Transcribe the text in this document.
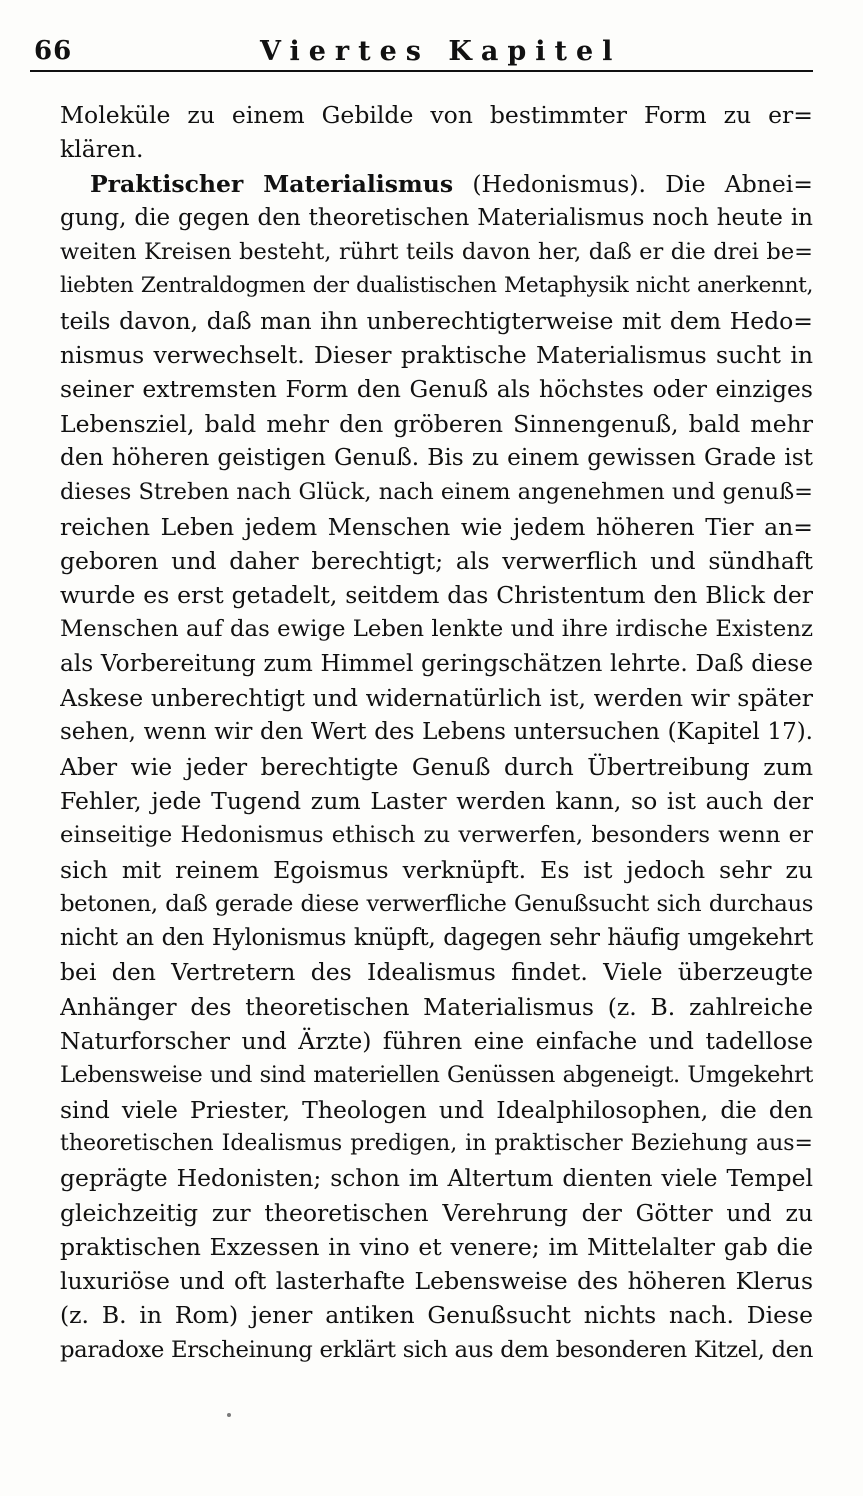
66	Viertes Kapitel
Moleküle zu einem Gebilde von bestimmter Form zu er=
klären.
Praktischer Materialismus (Hedonismus). Die Abnei=
gung, die gegen den theoretischen Materialismus noch heute in
weiten Kreisen besteht, rührt teils davon her, daß er die drei be=
liebten Zentraldogmen der dualistischen Metaphysik nicht anerkennt,
teils davon, daß man ihn unberechtigterweise mit dem Hedo=
nismus verwechselt. Dieser praktische Materialismus sucht in
seiner extremsten Form den Genuß als höchstes oder einziges
Lebensziel, bald mehr den gröberen Sinnengenuß, bald mehr
den höheren geistigen Genuß. Bis zu einem gewissen Grade ist
dieses Streben nach Glück, nach einem angenehmen und genuß=
reichen Leben jedem Menschen wie jedem höheren Tier an=
geboren und daher berechtigt; als verwerflich und sündhaft
wurde es erst getadelt, seitdem das Christentum den Blick der
Menschen auf das ewige Leben lenkte und ihre irdische Existenz
als Vorbereitung zum Himmel geringschätzen lehrte. Daß diese
Askese unberechtigt und widernatürlich ist, werden wir später
sehen, wenn wir den Wert des Lebens untersuchen (Kapitel 17).
Aber wie jeder berechtigte Genuß durch Übertreibung zum
Fehler, jede Tugend zum Laster werden kann, so ist auch der
einseitige Hedonismus ethisch zu verwerfen, besonders wenn er
sich mit reinem Egoismus verknüpft. Es ist jedoch sehr zu
betonen, daß gerade diese verwerfliche Genußsucht sich durchaus
nicht an den Hylonismus knüpft, dagegen sehr häufig umgekehrt
bei den Vertretern des Idealismus findet. Viele überzeugte
Anhänger des theoretischen Materialismus (z. B. zahlreiche
Naturforscher und Ärzte) führen eine einfache und tadellose
Lebensweise und sind materiellen Genüssen abgeneigt. Umgekehrt
sind viele Priester, Theologen und Idealphilosophen, die den
theoretischen Idealismus predigen, in praktischer Beziehung aus=
geprägte Hedonisten; schon im Altertum dienten viele Tempel
gleichzeitig zur theoretischen Verehrung der Götter und zu
praktischen Exzessen in vino et venere; im Mittelalter gab die
luxuriöse und oft lasterhafte Lebensweise des höheren Klerus
(z. B. in Rom) jener antiken Genußsucht nichts nach. Diese
paradoxe Erscheinung erklärt sich aus dem besonderen Kitzel, den
